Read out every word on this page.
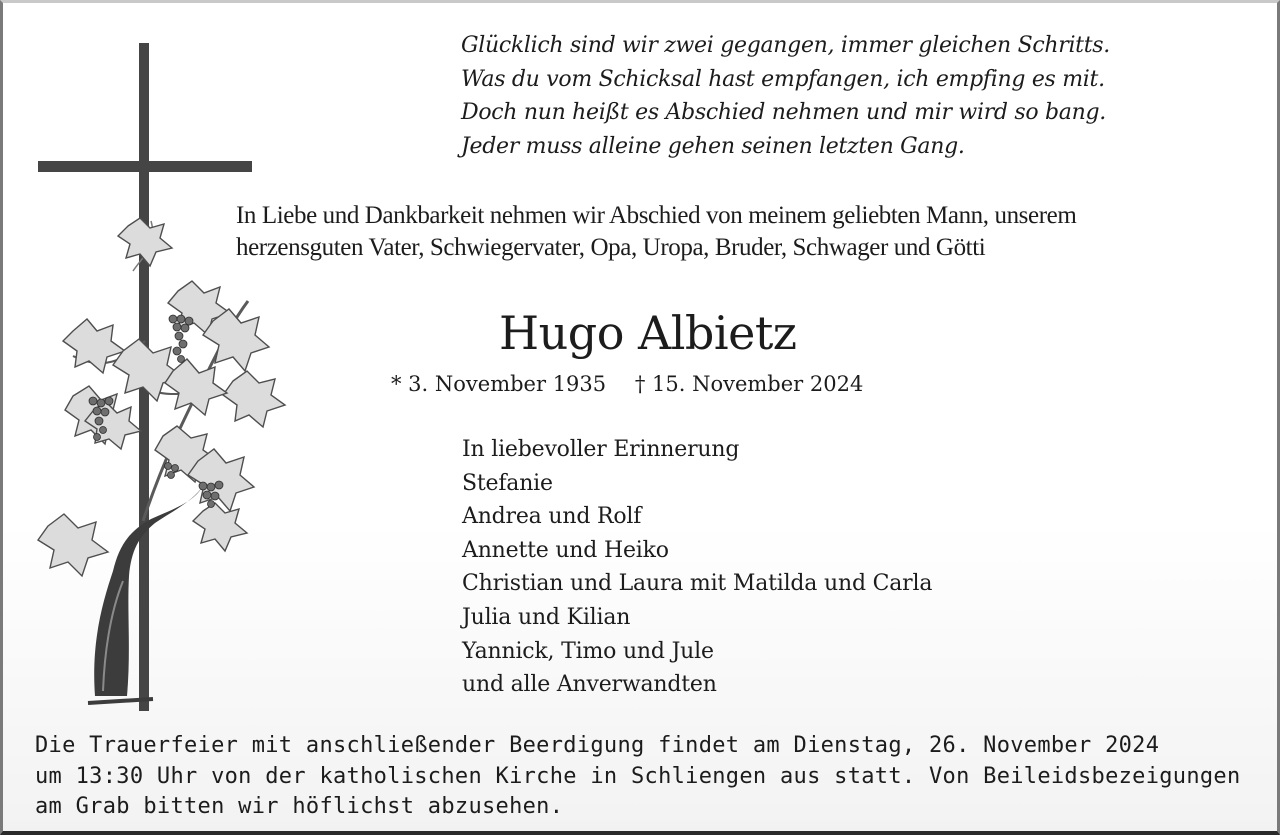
Glücklich sind wir zwei gegangen, immer gleichen Schritts.
Was du vom Schicksal hast empfangen, ich empfing es mit.
Doch nun heißt es Abschied nehmen und mir wird so bang.
Jeder muss alleine gehen seinen letzten Gang.
In Liebe und Dankbarkeit nehmen wir Abschied von meinem geliebten Mann, unserem
herzensguten Vater, Schwiegervater, Opa, Uropa, Bruder, Schwager und Götti
Hugo Albietz
* 3. November 1935 † 15. November 2024
In liebevoller Erinnerung
Stefanie
Andrea und Rolf
Annette und Heiko
Christian und Laura mit Matilda und Carla
Julia und Kilian
Yannick, Timo und Jule
und alle Anverwandten
Die Trauerfeier mit anschließender Beerdigung findet am Dienstag, 26. November 2024
um 13:30 Uhr von der katholischen Kirche in Schliengen aus statt. Von Beileidsbezeigungen
am Grab bitten wir höflichst abzusehen.
